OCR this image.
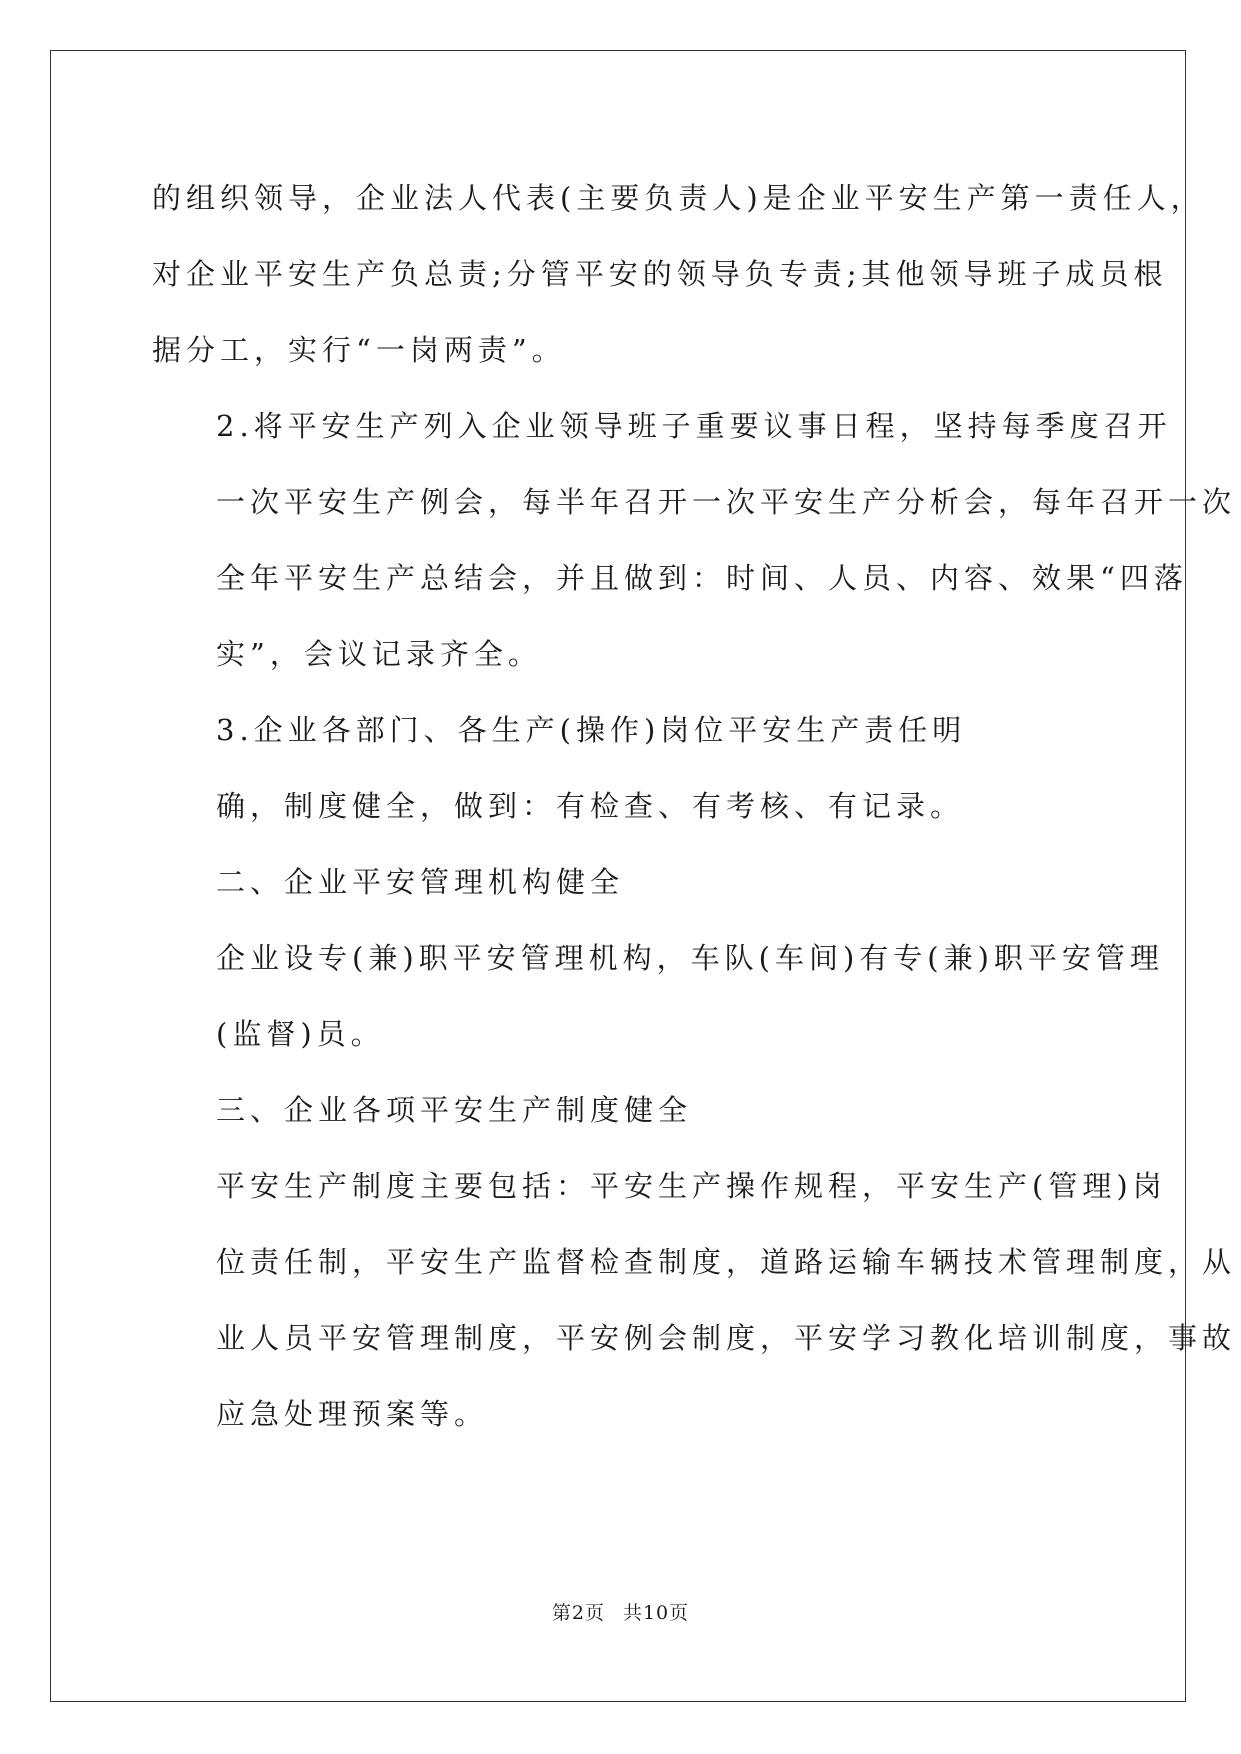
的组织领导，企业法人代表(主要负责人)是企业平安生产第一责任人，
对企业平安生产负总责;分管平安的领导负专责;其他领导班子成员根
据分工，实行“一岗两责”。
2.将平安生产列入企业领导班子重要议事日程，坚持每季度召开
一次平安生产例会，每半年召开一次平安生产分析会，每年召开一次
全年平安生产总结会，并且做到：时间、人员、内容、效果“四落
实”，会议记录齐全。
3.企业各部门、各生产(操作)岗位平安生产责任明
确，制度健全，做到：有检查、有考核、有记录。
二、企业平安管理机构健全
企业设专(兼)职平安管理机构，车队(车间)有专(兼)职平安管理
(监督)员。
三、企业各项平安生产制度健全
平安生产制度主要包括：平安生产操作规程，平安生产(管理)岗
位责任制，平安生产监督检查制度，道路运输车辆技术管理制度，从
业人员平安管理制度，平安例会制度，平安学习教化培训制度，事故
应急处理预案等。
第2页 共10页
